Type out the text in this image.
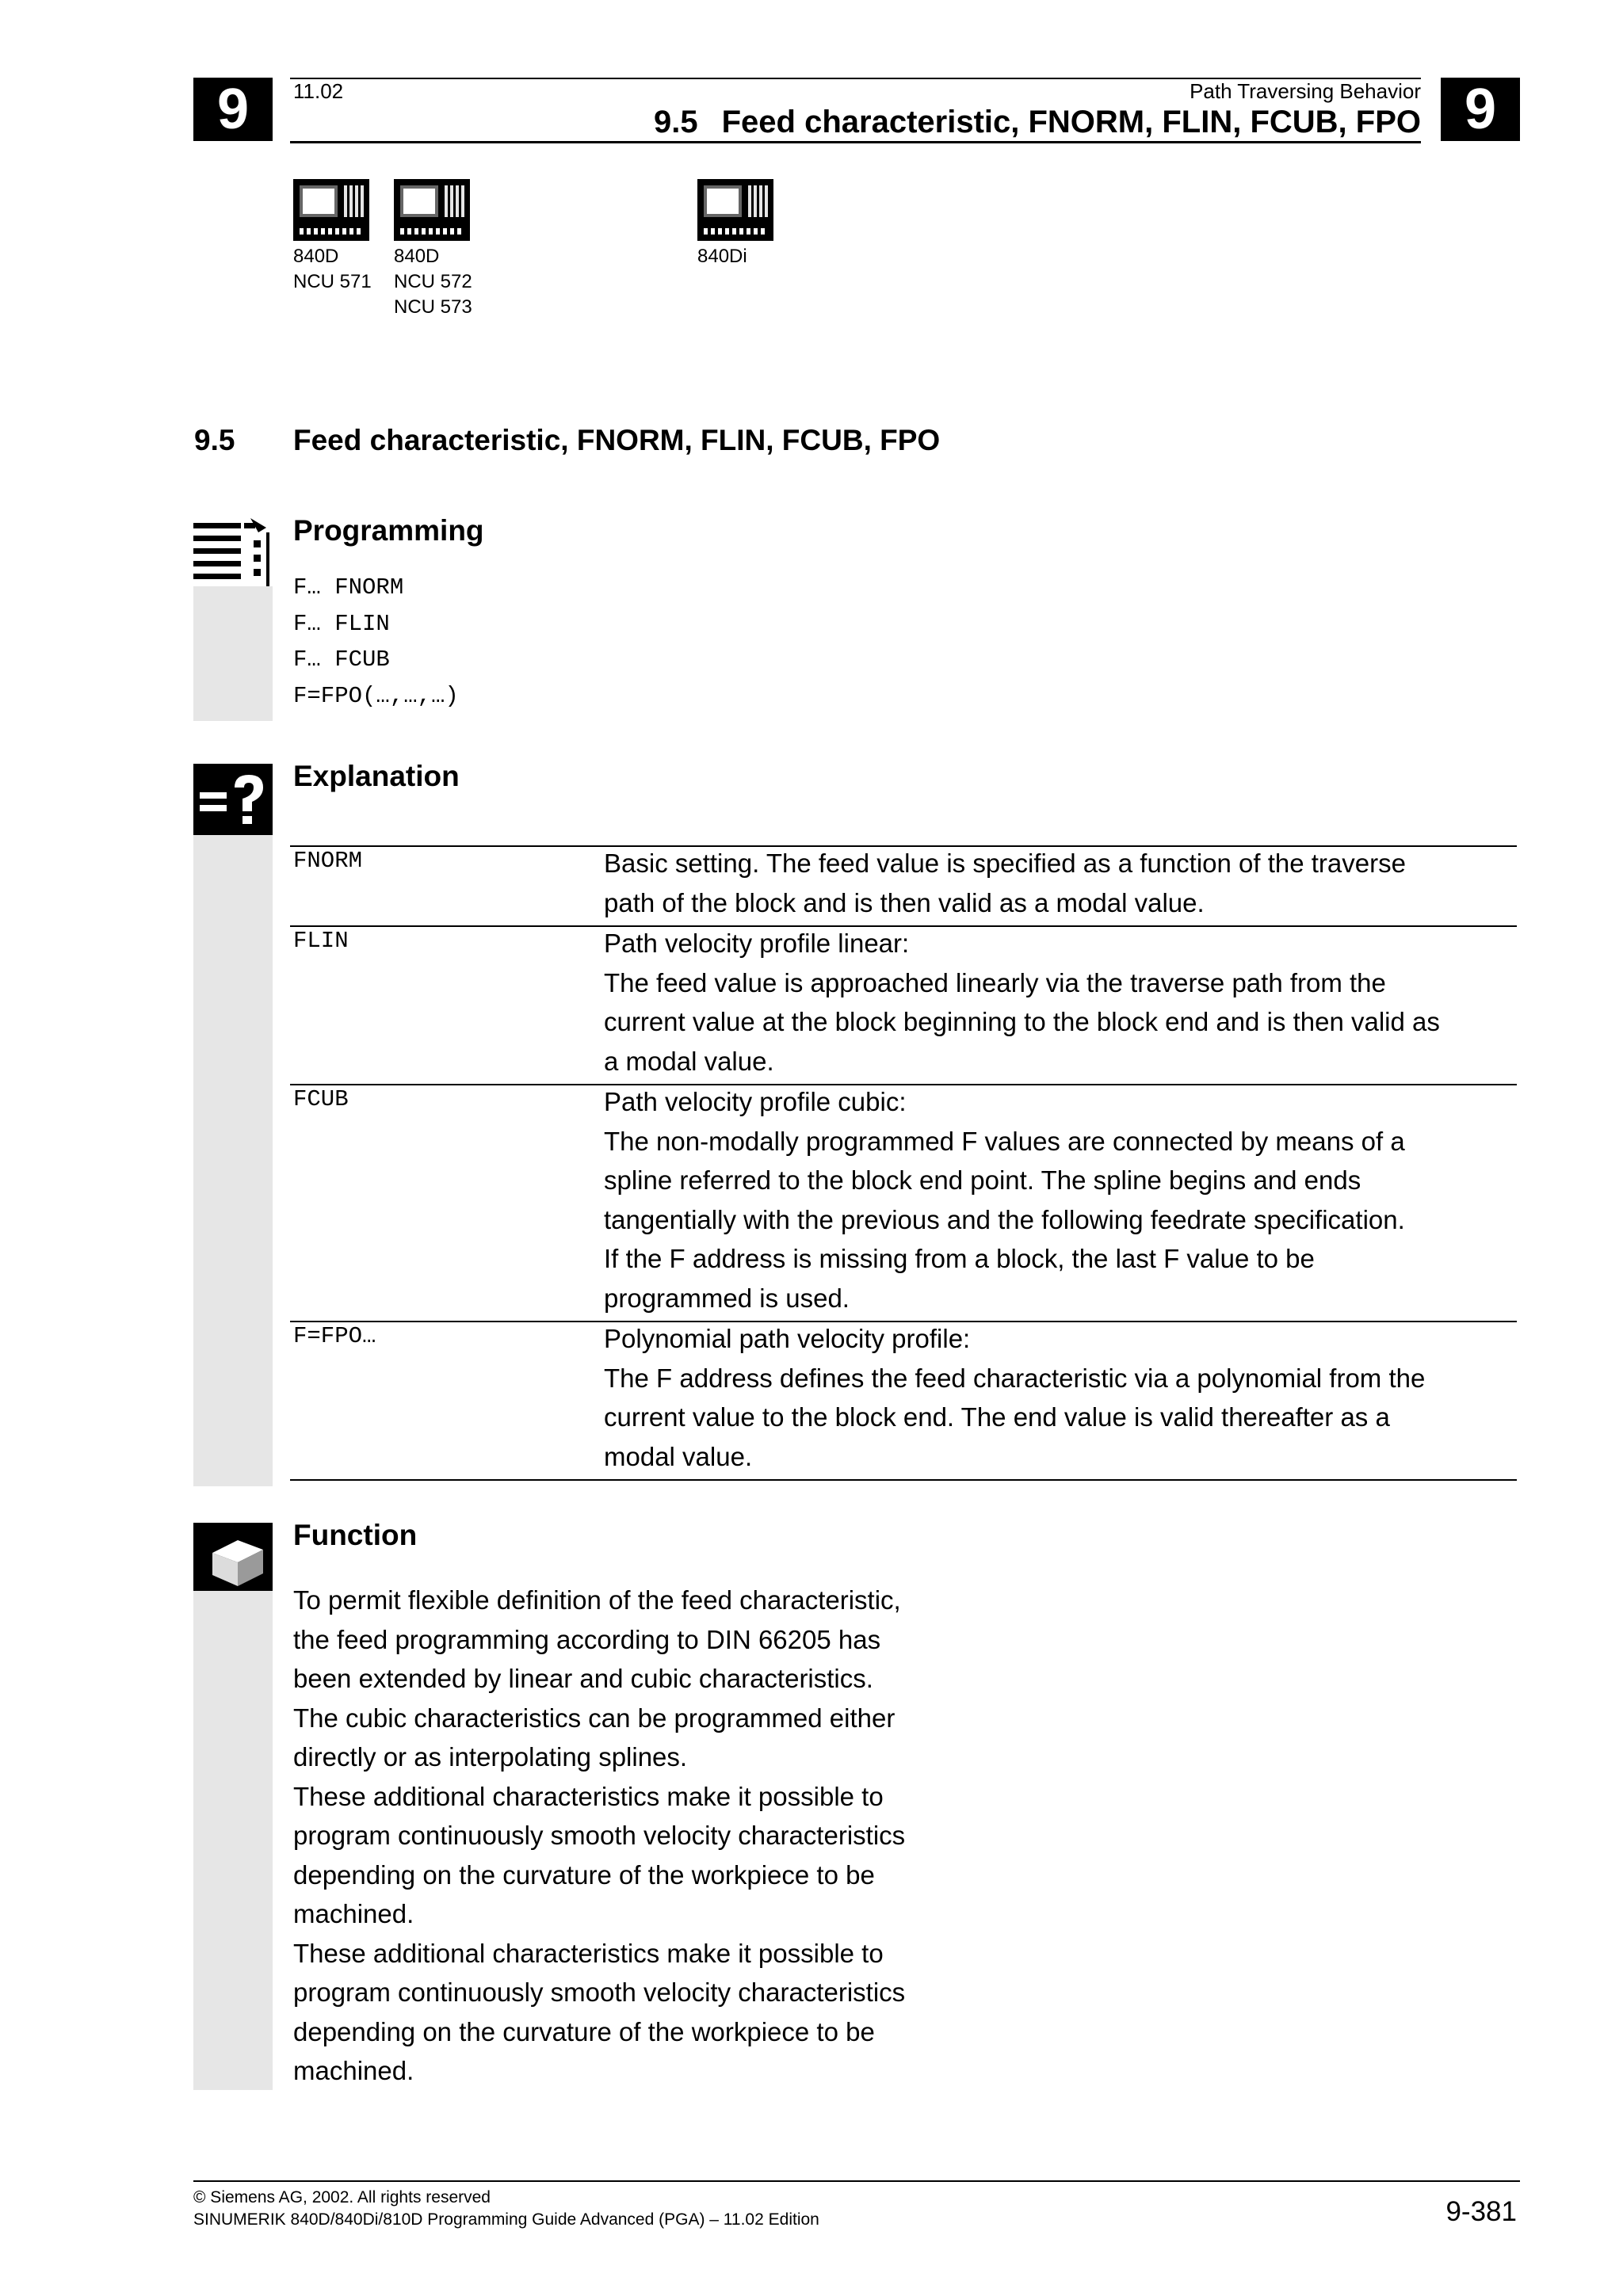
9	9
11.02	Path Traversing Behavior
9.5 Feed characteristic, FNORM, FLIN, FCUB, FPO
840D
NCU 571
840D
NCU 572
NCU 573
840Di
9.5 Feed characteristic, FNORM, FLIN, FCUB, FPO
Programming
F… FNORM
F… FLIN
F… FCUB
F=FPO(…,…,…)
Explanation
FNORM	Basic setting. The feed value is specified as a function of the traverse
path of the block and is then valid as a modal value.
FLIN	Path velocity profile linear:
The feed value is approached linearly via the traverse path from the
current value at the block beginning to the block end and is then valid as
a modal value.
FCUB	Path velocity profile cubic:
The non-modally programmed F values are connected by means of a
spline referred to the block end point. The spline begins and ends
tangentially with the previous and the following feedrate specification.
If the F address is missing from a block, the last F value to be
programmed is used.
F=FPO…	Polynomial path velocity profile:
The F address defines the feed characteristic via a polynomial from the
current value to the block end. The end value is valid thereafter as a
modal value.
Function
To permit flexible definition of the feed characteristic,
the feed programming according to DIN 66205 has
been extended by linear and cubic characteristics.
The cubic characteristics can be programmed either
directly or as interpolating splines.
These additional characteristics make it possible to
program continuously smooth velocity characteristics
depending on the curvature of the workpiece to be
machined.
These additional characteristics make it possible to
program continuously smooth velocity characteristics
depending on the curvature of the workpiece to be
machined.
© Siemens AG, 2002. All rights reserved
SINUMERIK 840D/840Di/810D Programming Guide Advanced (PGA) – 11.02 Edition	9-381
